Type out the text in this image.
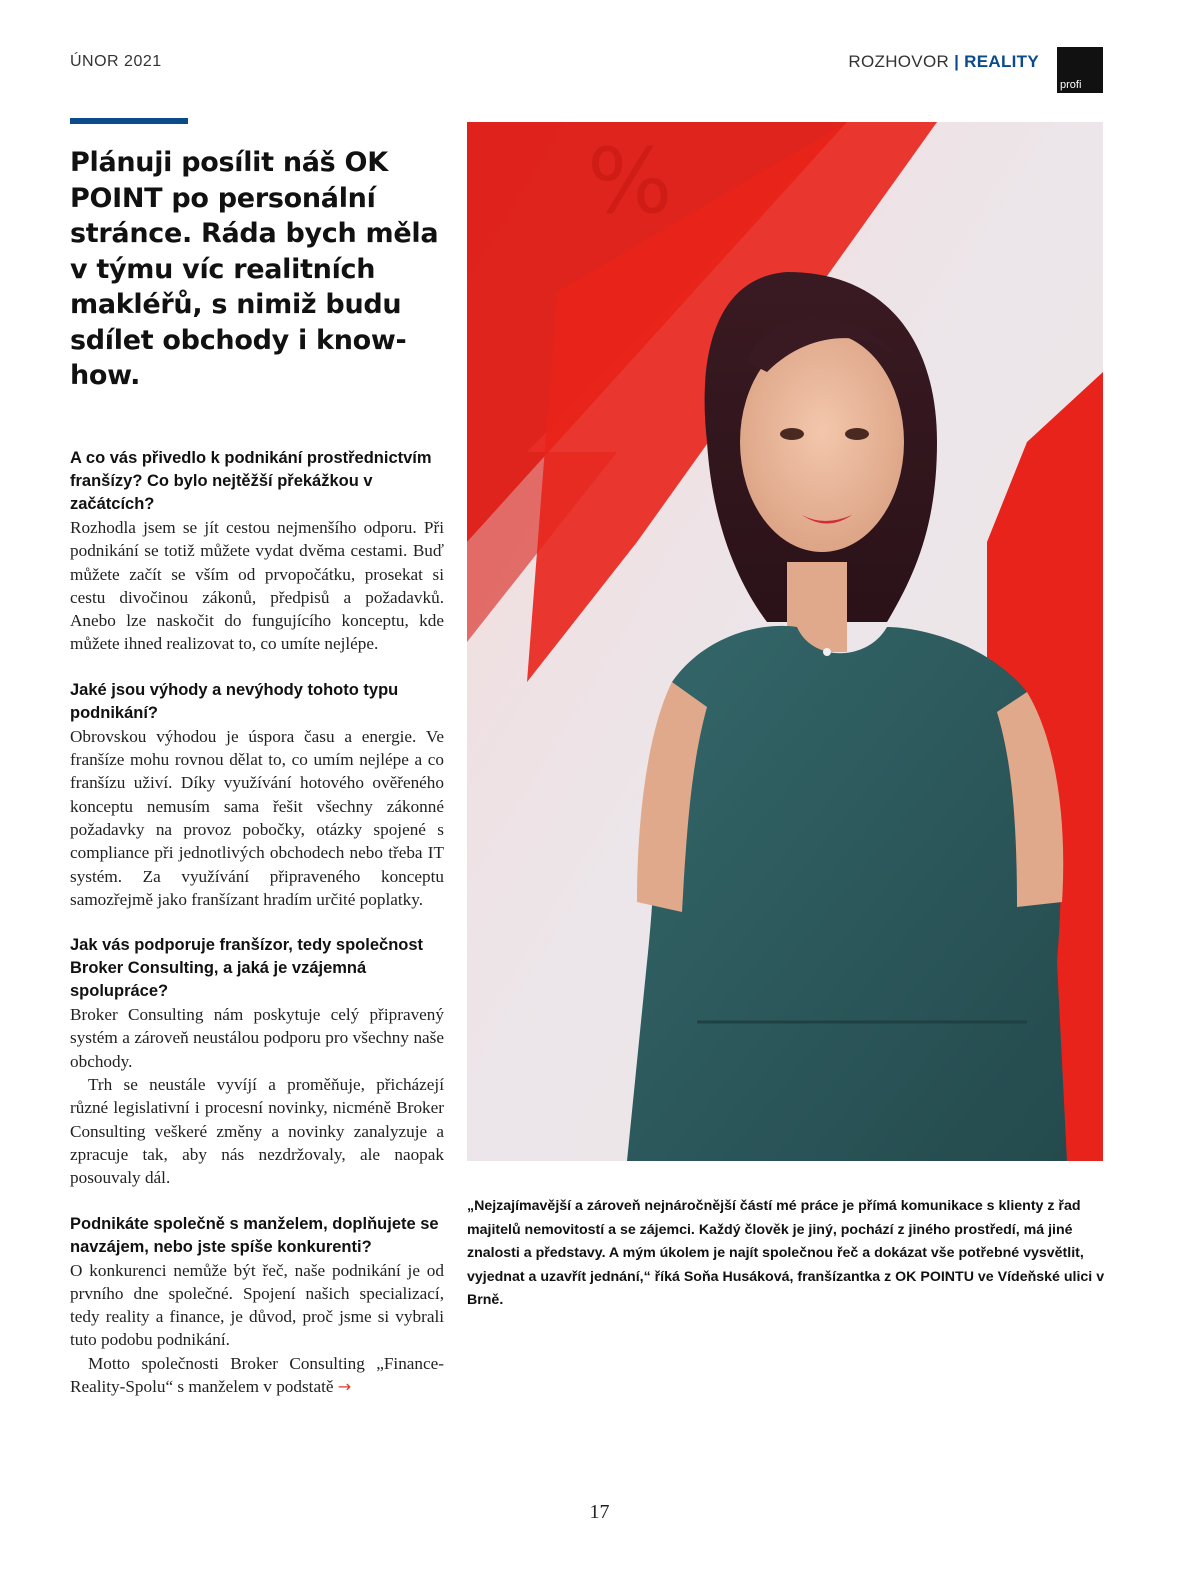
ÚNOR 2021	ROZHOVOR | REALITY
profi
Plánuji posílit náš OK POINT po personální stránce. Ráda bych měla v týmu víc realitních makléřů, s nimiž budu sdílet obchody i know-how.

A co vás přivedlo k podnikání prostřednictvím franšízy? Co bylo nejtěžší překážkou v začátcích?

Rozhodla jsem se jít cestou nejmenšího odporu. Při podnikání se totiž můžete vydat dvěma cestami. Buď můžete začít se vším od prvopočátku, prosekat si cestu divočinou zákonů, předpisů a požadavků. Anebo lze naskočit do fungujícího konceptu, kde můžete ihned realizovat to, co umíte nejlépe.

Jaké jsou výhody a nevýhody tohoto typu podnikání?

Obrovskou výhodou je úspora času a energie. Ve franšíze mohu rovnou dělat to, co umím nejlépe a co franšízu uživí. Díky využívání hotového ověřeného konceptu nemusím sama řešit všechny zákonné požadavky na provoz pobočky, otázky spojené s compliance při jednotlivých obchodech nebo třeba IT systém. Za využívání připraveného konceptu samozřejmě jako franšízant hradím určité poplatky.

Jak vás podporuje franšízor, tedy společnost Broker Consulting, a jaká je vzájemná spolupráce?

Broker Consulting nám poskytuje celý připravený systém a zároveň neustálou podporu pro všechny naše obchody.

Trh se neustále vyvíjí a proměňuje, přicházejí různé legislativní i procesní novinky, nicméně Broker Consulting veškeré změny a novinky zanalyzuje a zpracuje tak, aby nás nezdržovaly, ale naopak posouvaly dál.

Podnikáte společně s manželem, doplňujete se navzájem, nebo jste spíše konkurenti?

O konkurenci nemůže být řeč, naše podnikání je od prvního dne společné. Spojení našich specializací, tedy reality a finance, je důvod, proč jsme si vybrali tuto podobu podnikání.

Motto společnosti Broker Consulting „Finance-Reality-Spolu“ s manželem v podstatě →

%
„Nejzajímavější a zároveň nejnáročnější částí mé práce je přímá komunikace s klienty z řad majitelů nemovitostí a se zájemci. Každý člověk je jiný, pochází z jiného prostředí, má jiné znalosti a představy. A mým úkolem je najít společnou řeč a dokázat vše potřebné vysvětlit, vyjednat a uzavřít jednání,“ říká Soňa Husáková, franšízantka z OK POINTU ve Vídeňské ulici v Brně.
17
